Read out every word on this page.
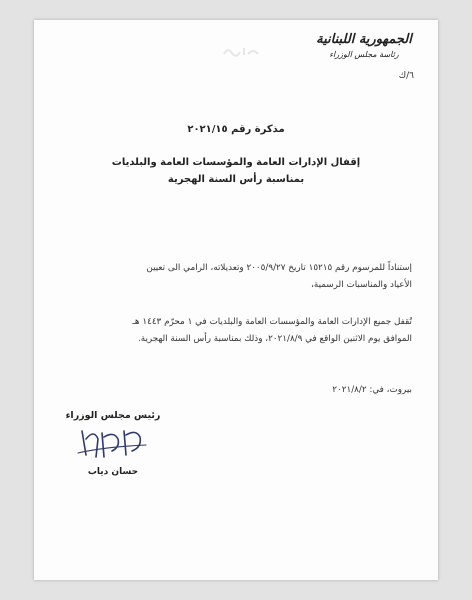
الجمهورية اللبنانية
رئاسة مجلس الوزراء
٦/ك
مذكرة رقم ٢٠٢١/١٥
إقفال الإدارات العامة والمؤسسات العامة والبلديات
بمناسبة رأس السنة الهجرية
إستناداً للمرسوم رقم ١٥٢١٥ تاريخ ٢٠٠٥/٩/٢٧ وتعديلاته، الرامي الى تعيين
الأعياد والمناسبات الرسمية،
تُقفل جميع الإدارات العامة والمؤسسات العامة والبلديات في ١ محرّم ١٤٤٣ هـ
الموافق يوم الاثنين الواقع في ٢٠٢١/٨/٩، وذلك بمناسبة رأس السنة الهجرية.
بيروت، في: ٢٠٢١/٨/٢
رئيس مجلس الوزراء
حسان دياب
